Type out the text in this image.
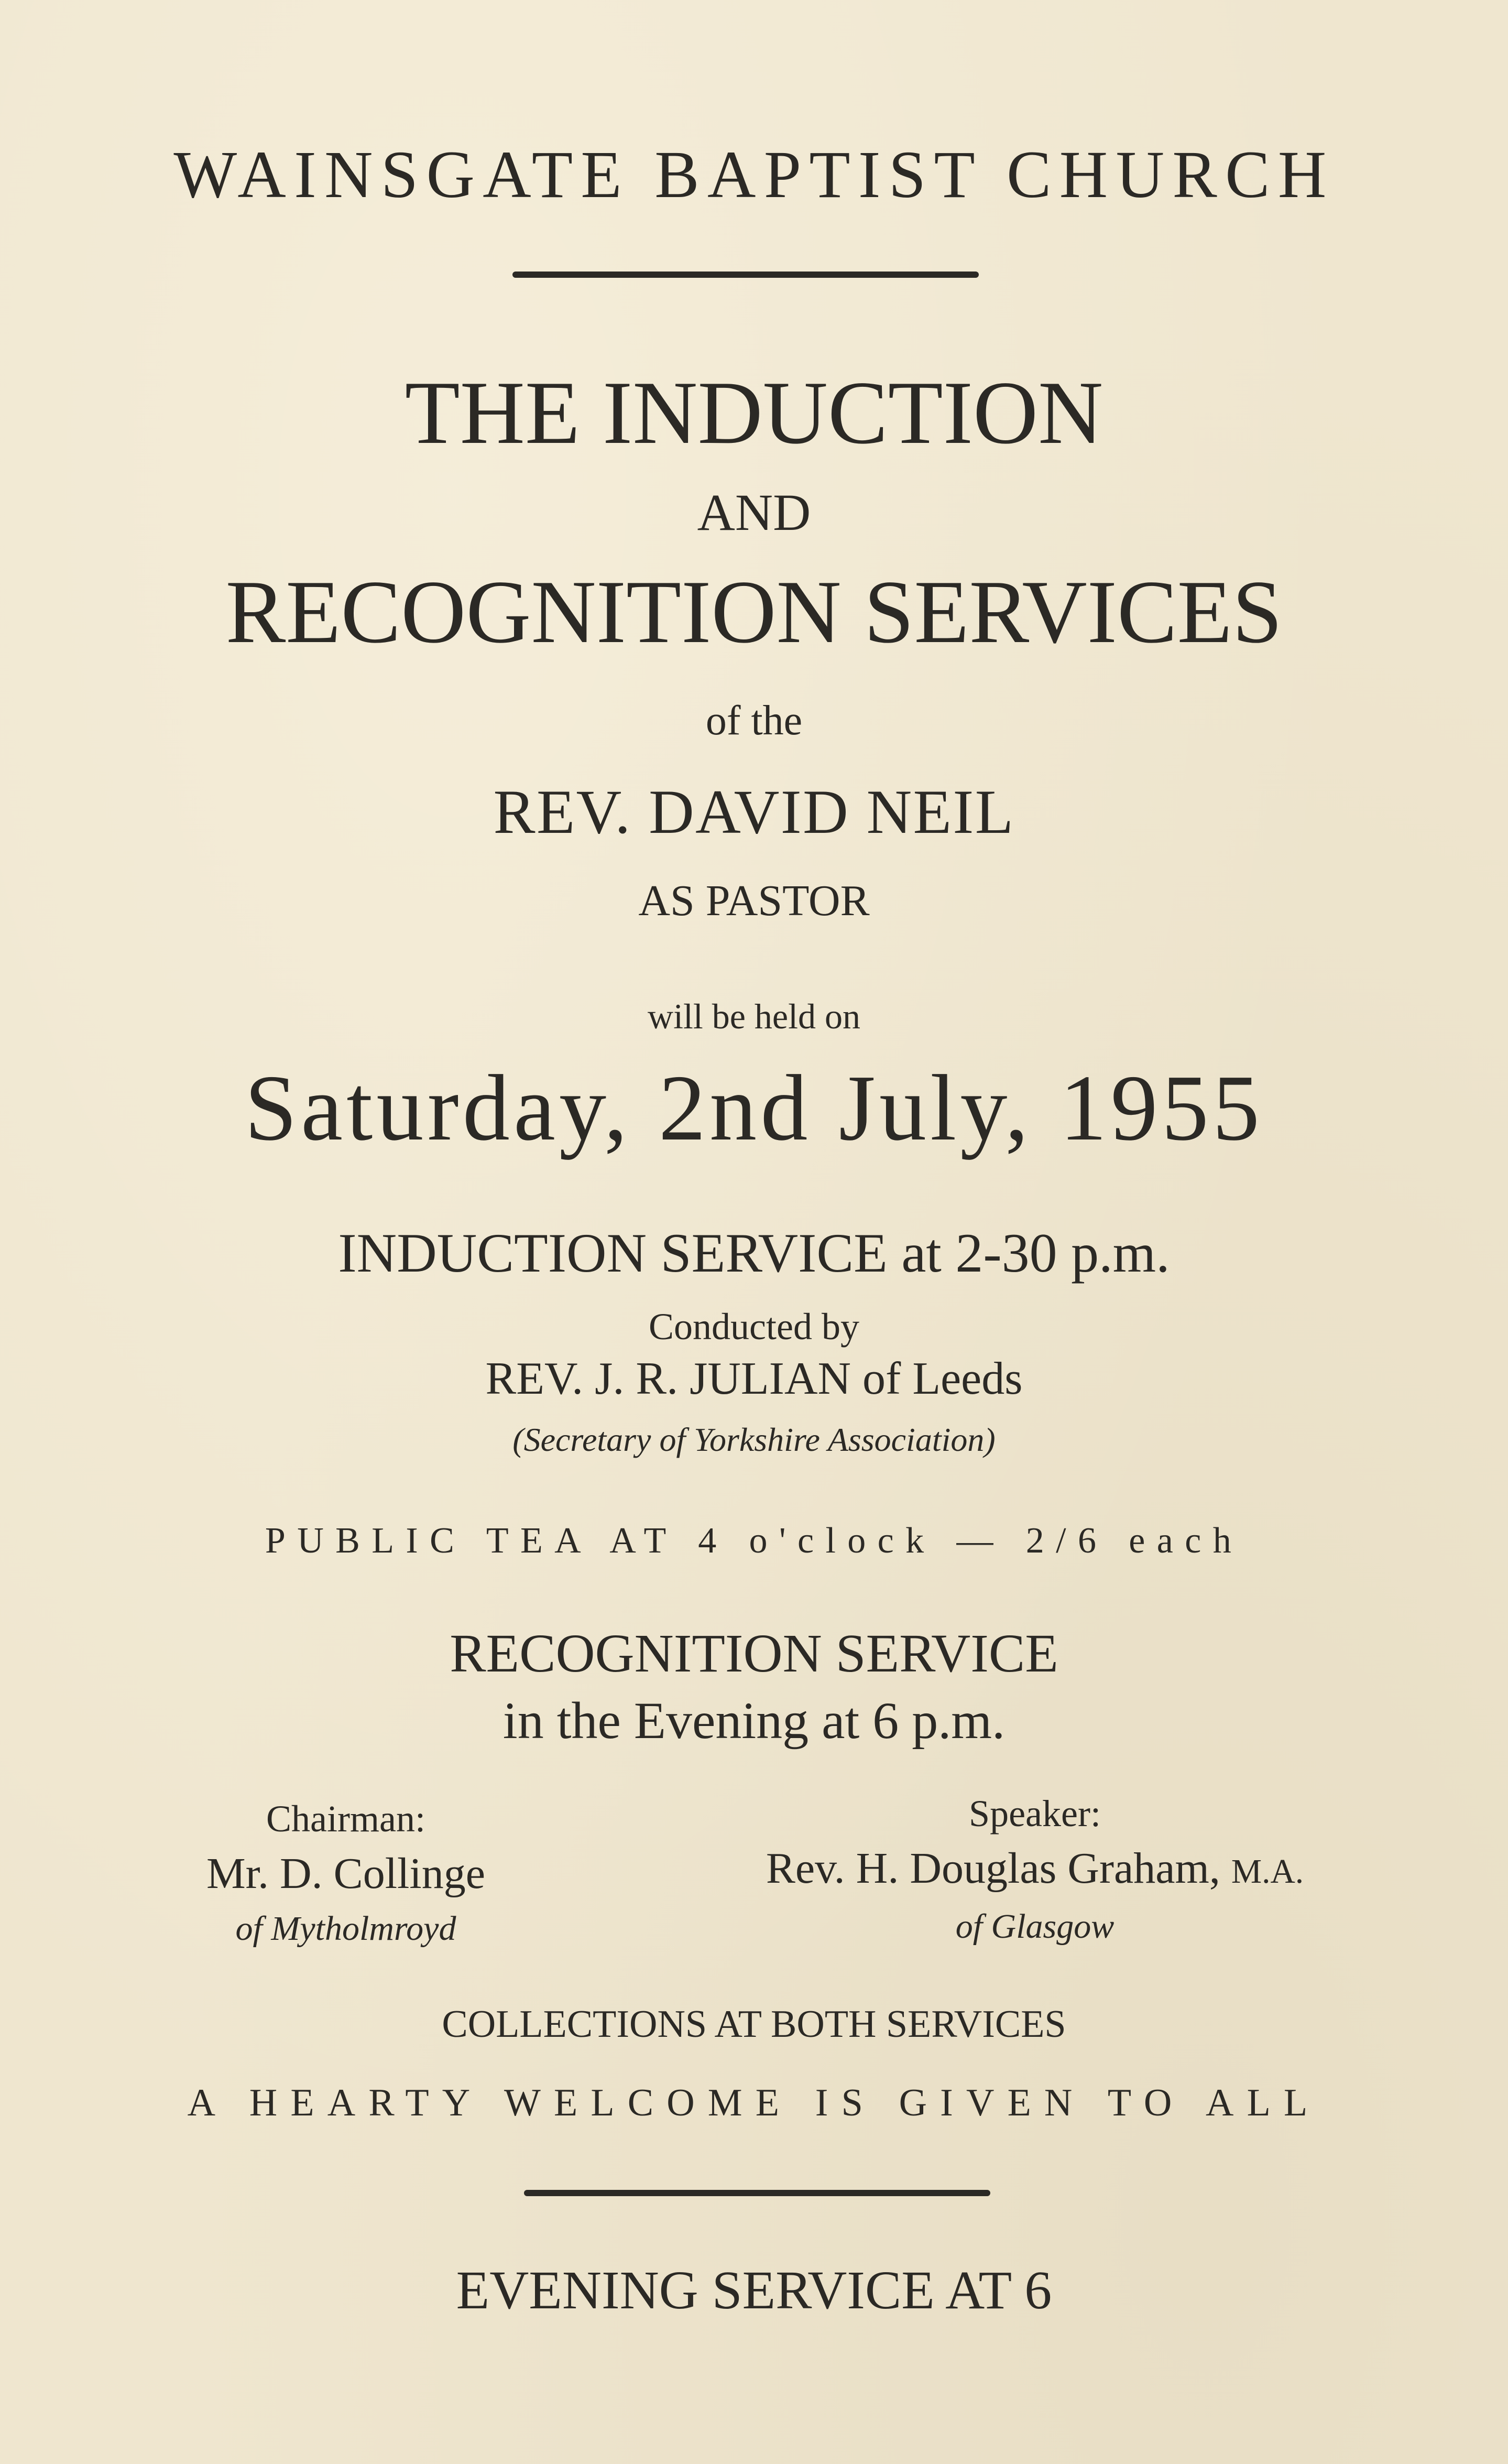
WAINSGATE BAPTIST CHURCH
THE INDUCTION
AND
RECOGNITION SERVICES
of the
REV. DAVID NEIL
AS PASTOR
will be held on
Saturday, 2nd July, 1955
INDUCTION SERVICE at 2-30 p.m.
Conducted by
REV. J. R. JULIAN of Leeds
(Secretary of Yorkshire Association)
PUBLIC TEA AT 4 o'clock — 2/6 each
RECOGNITION SERVICE
in the Evening at 6 p.m.
Chairman:
Mr. D. Collinge
of Mytholmroyd
Speaker:
Rev. H. Douglas Graham, M.A.
of Glasgow
COLLECTIONS AT BOTH SERVICES
A HEARTY WELCOME IS GIVEN TO ALL
EVENING SERVICE AT 6
